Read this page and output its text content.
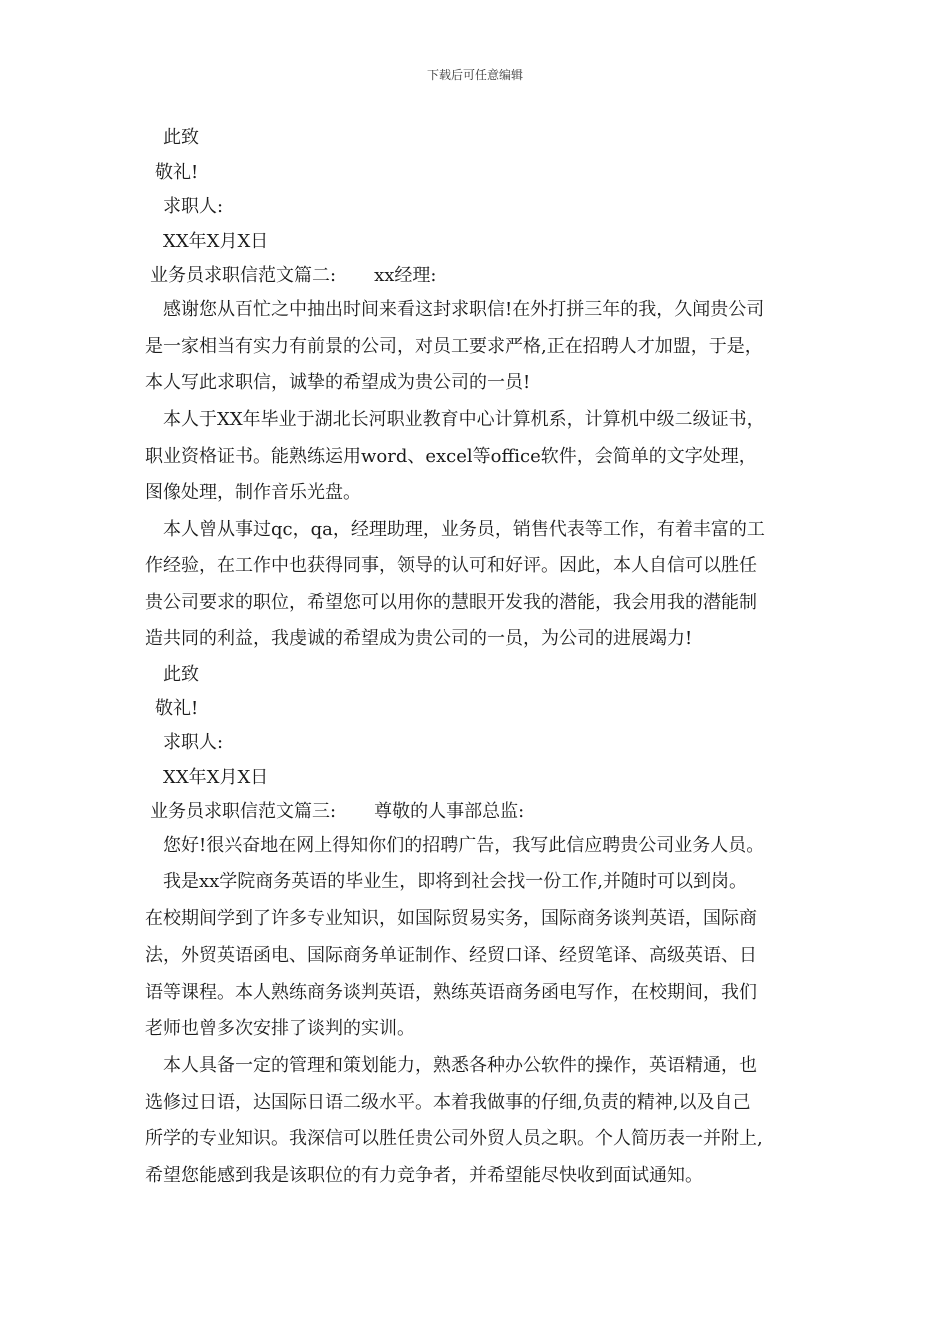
下载后可任意编辑
此致
敬礼!
求职人:
XX年X月X日
业务员求职信范文篇二: xx经理:
感谢您从百忙之中抽出时间来看这封求职信!在外打拼三年的我，久闻贵公司
是一家相当有实力有前景的公司，对员工要求严格,正在招聘人才加盟，于是，
本人写此求职信，诚挚的希望成为贵公司的一员!
本人于XX年毕业于湖北长河职业教育中心计算机系，计算机中级二级证书，
职业资格证书。能熟练运用word、excel等office软件，会简单的文字处理，
图像处理，制作音乐光盘。
本人曾从事过qc，qa，经理助理，业务员，销售代表等工作，有着丰富的工
作经验，在工作中也获得同事，领导的认可和好评。因此，本人自信可以胜任
贵公司要求的职位，希望您可以用你的慧眼开发我的潜能，我会用我的潜能制
造共同的利益，我虔诚的希望成为贵公司的一员，为公司的进展竭力!
此致
敬礼!
求职人:
XX年X月X日
业务员求职信范文篇三: 尊敬的人事部总监:
您好!很兴奋地在网上得知你们的招聘广告，我写此信应聘贵公司业务人员。
我是xx学院商务英语的毕业生，即将到社会找一份工作,并随时可以到岗。
在校期间学到了许多专业知识，如国际贸易实务，国际商务谈判英语，国际商
法，外贸英语函电、国际商务单证制作、经贸口译、经贸笔译、高级英语、日
语等课程。本人熟练商务谈判英语，熟练英语商务函电写作，在校期间，我们
老师也曾多次安排了谈判的实训。
本人具备一定的管理和策划能力，熟悉各种办公软件的操作，英语精通，也
选修过日语，达国际日语二级水平。本着我做事的仔细,负责的精神,以及自己
所学的专业知识。我深信可以胜任贵公司外贸人员之职。个人简历表一并附上,
希望您能感到我是该职位的有力竞争者，并希望能尽快收到面试通知。
